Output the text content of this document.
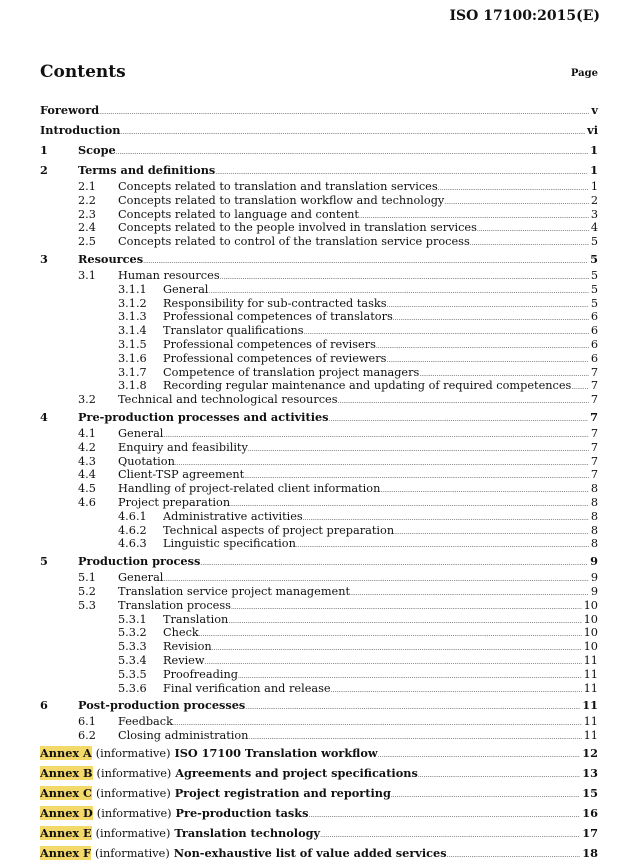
ISO 17100:2015(E)
Contents	Page
Foreword .....	v
Introduction .....	vi
1	Scope .....	1
2	Terms and definitions .....	1
2.1 Concepts related to translation and translation services .....	1
2.2 Concepts related to translation workflow and technology .....	2
2.3 Concepts related to language and content .....	3
2.4 Concepts related to the people involved in translation services .....	4
2.5 Concepts related to control of the translation service process .....	5
3	Resources .....	5
3.1 Human resources .....	5
3.1.1 General .....	5
3.1.2 Responsibility for sub-contracted tasks .....	5
3.1.3 Professional competences of translators .....	6
3.1.4 Translator qualifications .....	6
3.1.5 Professional competences of revisers .....	6
3.1.6 Professional competences of reviewers .....	6
3.1.7 Competence of translation project managers .....	7
3.1.8 Recording regular maintenance and updating of required competences ..... 7
3.2 Technical and technological resources .....	7
4	Pre-production processes and activities .....	7
4.1 General .....	7
4.2 Enquiry and feasibility .....	7
4.3 Quotation .....	7
4.4 Client-TSP agreement .....	7
4.5 Handling of project-related client information .....	8
4.6 Project preparation .....	8
4.6.1 Administrative activities .....	8
4.6.2 Technical aspects of project preparation .....	8
4.6.3 Linguistic specification .....	8
5	Production process .....	9
5.1 General .....	9
5.2 Translation service project management .....	9
5.3 Translation process .....	10
5.3.1 Translation .....	10
5.3.2 Check .....	10
5.3.3 Revision .....	10
5.3.4 Review .....	11
5.3.5 Proofreading .....	11
5.3.6 Final verification and release .....	11
6	Post-production processes .....	11
6.1 Feedback .....	11
6.2 Closing administration .....	11
Annex A (informative) ISO 17100 Translation workflow .....	12
Annex B (informative) Agreements and project specifications .....	13
Annex C (informative) Project registration and reporting .....	15
Annex D (informative) Pre-production tasks .....	16
Annex E (informative) Translation technology .....	17
Annex F (informative) Non-exhaustive list of value added services .....	18
